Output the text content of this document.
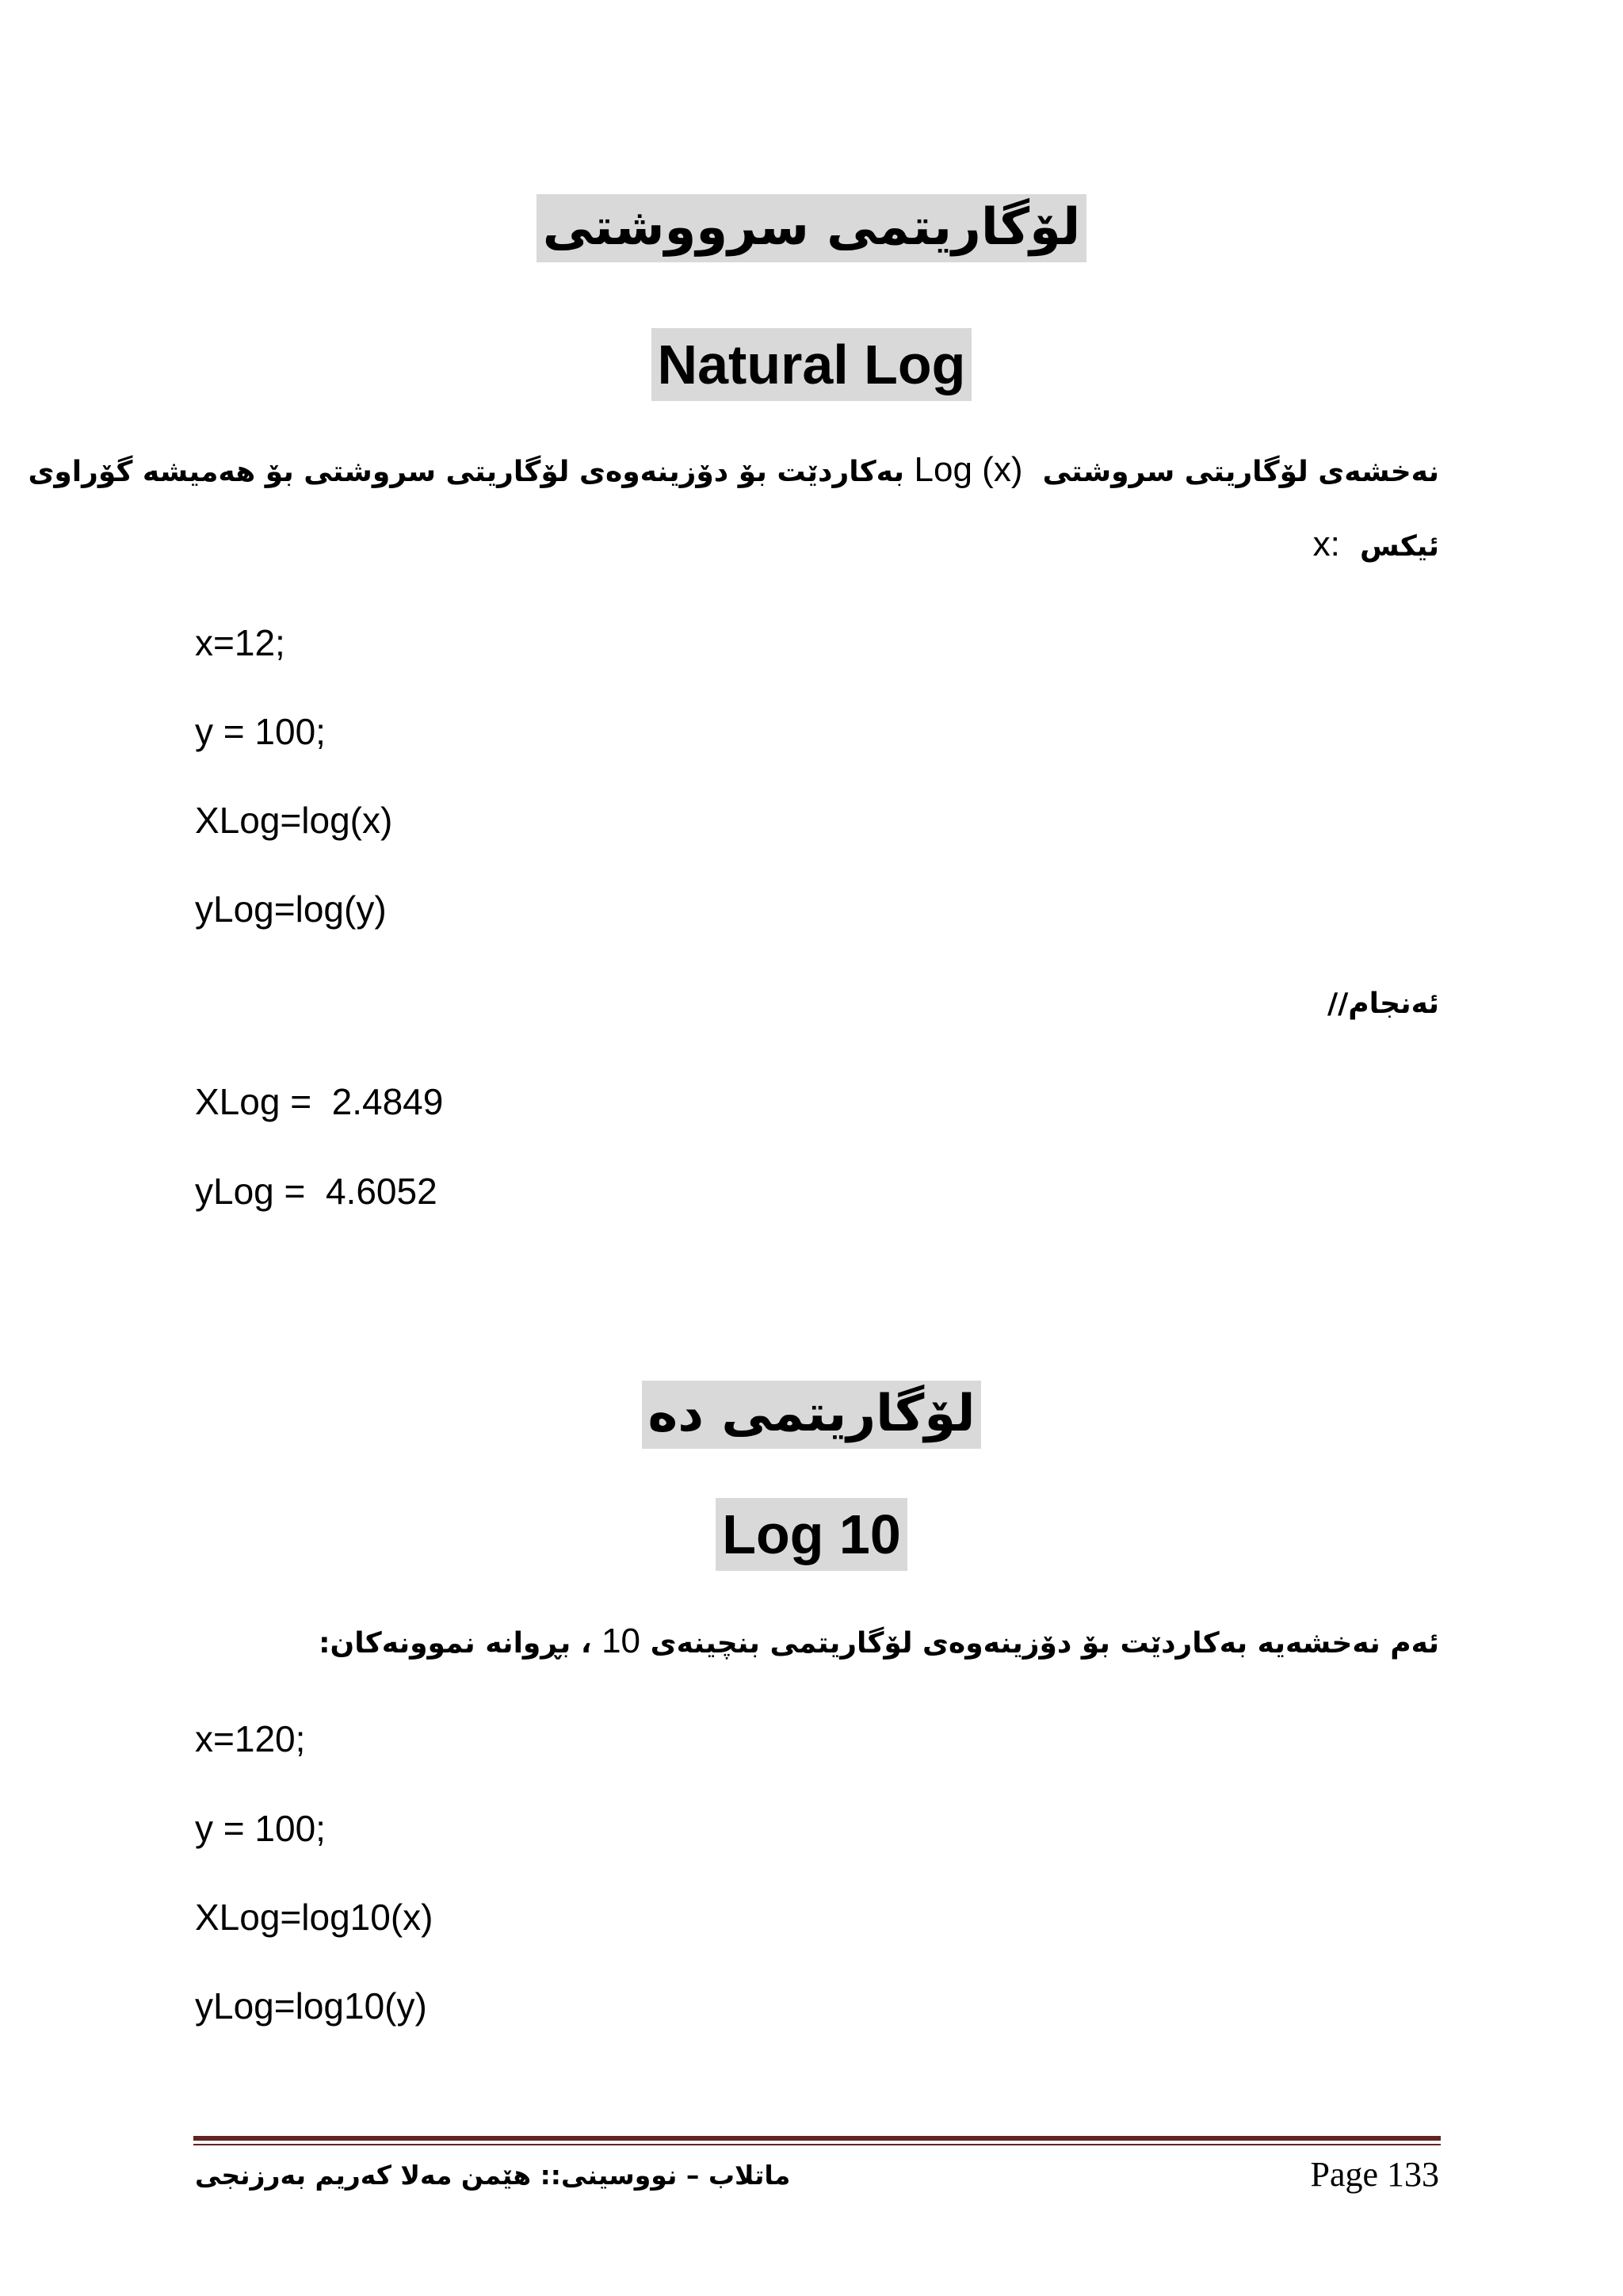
لۆگاریتمی سرووشتی
Natural Log
نەخشەی لۆگاریتی سروشتی  Log (x) بەکاردێت بۆ دۆزینەوەی لۆگاریتی سروشتی بۆ هەمیشە گۆراوی
ئیکس  x:
x=12;
y = 100;
XLog=log(x)
yLog=log(y)
ئەنجام//
XLog =  2.4849
yLog =  4.6052
لۆگاریتمی دە
Log 10
ئەم نەخشەیە بەکاردێت بۆ دۆزینەوەی لۆگاریتمی بنچینەی 10 ، بڕوانە نموونەکان:
x=120;
y = 100;
XLog=log10(x)
yLog=log10(y)
ماتلاب – نووسینی:: هێمن مەلا کەریم بەرزنجی	Page 133
